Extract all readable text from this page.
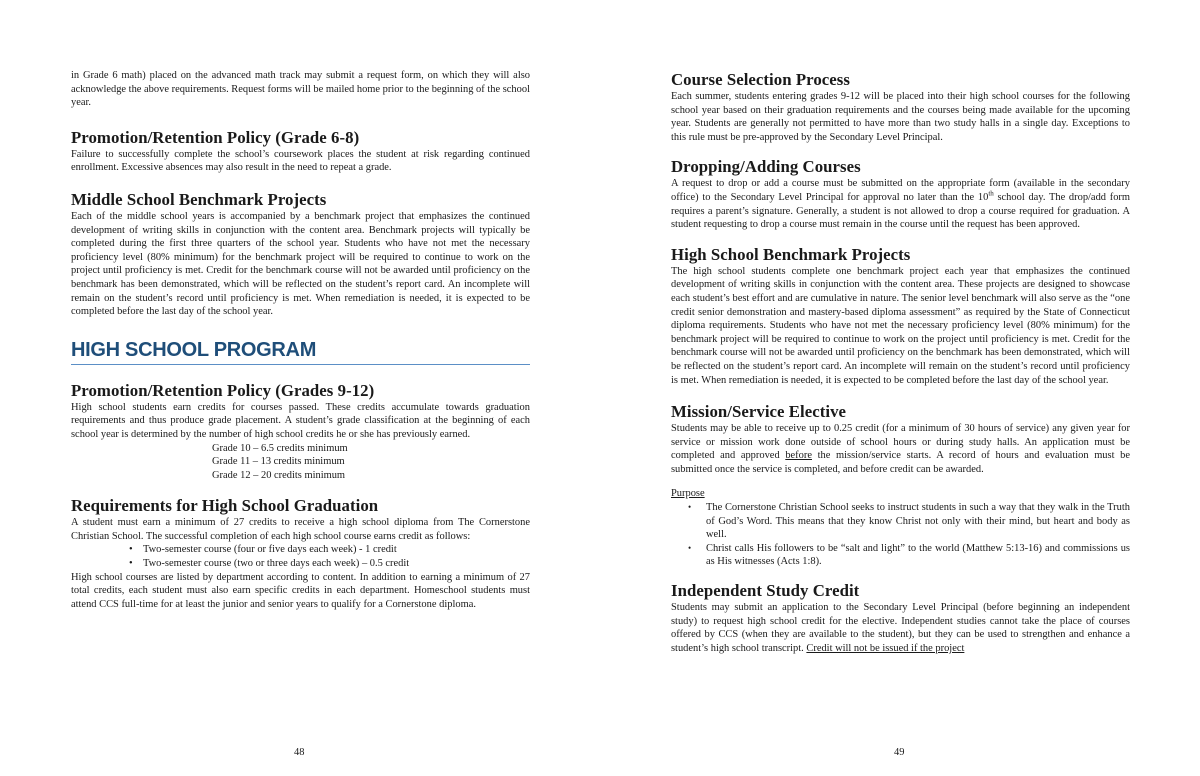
in Grade 6 math) placed on the advanced math track may submit a request form, on which they will also acknowledge the above requirements. Request forms will be mailed home prior to the beginning of the school year.

Promotion/Retention Policy (Grade 6-8)

Failure to successfully complete the school’s coursework places the student at risk regarding continued enrollment. Excessive absences may also result in the need to repeat a grade.

Middle School Benchmark Projects

Each of the middle school years is accompanied by a benchmark project that emphasizes the continued development of writing skills in conjunction with the content area. Benchmark projects will typically be completed during the first three quarters of the school year. Students who have not met the necessary proficiency level (80% minimum) for the benchmark project will be required to continue to work on the project until proficiency is met. Credit for the benchmark course will not be awarded until proficiency on the benchmark has been demonstrated, which will be reflected on the student’s report card. An incomplete will remain on the student’s record until proficiency is met. When remediation is needed, it is expected to be completed before the last day of the school year.

HIGH SCHOOL PROGRAM
Promotion/Retention Policy (Grades 9-12)

High school students earn credits for courses passed. These credits accumulate towards graduation requirements and thus produce grade placement. A student’s grade classification at the beginning of each school year is determined by the number of high school credits he or she has previously earned.

Grade 10 – 6.5 credits minimum
Grade 11 – 13 credits minimum
Grade 12 – 20 credits minimum
Requirements for High School Graduation

A student must earn a minimum of 27 credits to receive a high school diploma from The Cornerstone Christian School. The successful completion of each high school course earns credit as follows:

• Two-semester course (four or five days each week) - 1 credit
• Two-semester course (two or three days each week) – 0.5 credit

High school courses are listed by department according to content. In addition to earning a minimum of 27 total credits, each student must also earn specific credits in each department. Homeschool students must attend CCS full-time for at least the junior and senior years to qualify for a Cornerstone diploma.

48
Course Selection Process

Each summer, students entering grades 9-12 will be placed into their high school courses for the following school year based on their graduation requirements and the courses being made available for the upcoming year. Students are generally not permitted to have more than two study halls in a single day. Exceptions to this rule must be pre-approved by the Secondary Level Principal.

Dropping/Adding Courses

A request to drop or add a course must be submitted on the appropriate form (available in the secondary office) to the Secondary Level Principal for approval no later than the 10th school day. The drop/add form requires a parent’s signature. Generally, a student is not allowed to drop a course required for graduation. A student requesting to drop a course must remain in the course until the request has been approved.

High School Benchmark Projects

The high school students complete one benchmark project each year that emphasizes the continued development of writing skills in conjunction with the content area. These projects are designed to showcase each student’s best effort and are cumulative in nature. The senior level benchmark will also serve as the “one credit senior demonstration and mastery-based diploma assessment” as required by the State of Connecticut diploma requirements. Students who have not met the necessary proficiency level (80% minimum) for the benchmark project will be required to continue to work on the project until proficiency is met. Credit for the benchmark course will not be awarded until proficiency on the benchmark has been demonstrated, which will be reflected on the student’s report card. An incomplete will remain on the student’s record until proficiency is met. When remediation is needed, it is expected to be completed before the last day of the school year.

Mission/Service Elective

Students may be able to receive up to 0.25 credit (for a minimum of 30 hours of service) any given year for service or mission work done outside of school hours or during study halls. An application must be completed and approved before the mission/service starts. A record of hours and evaluation must be submitted once the service is completed, and before credit can be awarded.

Purpose
• The Cornerstone Christian School seeks to instruct students in such a way that they walk in the Truth of God’s Word. This means that they know Christ not only with their mind, but heart and body as well.
• Christ calls His followers to be “salt and light” to the world (Matthew 5:13-16) and commissions us as His witnesses (Acts 1:8).
Independent Study Credit

Students may submit an application to the Secondary Level Principal (before beginning an independent study) to request high school credit for the elective. Independent studies cannot take the place of courses offered by CCS (when they are available to the student), but they can be used to strengthen and enhance a student’s high school transcript. Credit will not be issued if the project

49
